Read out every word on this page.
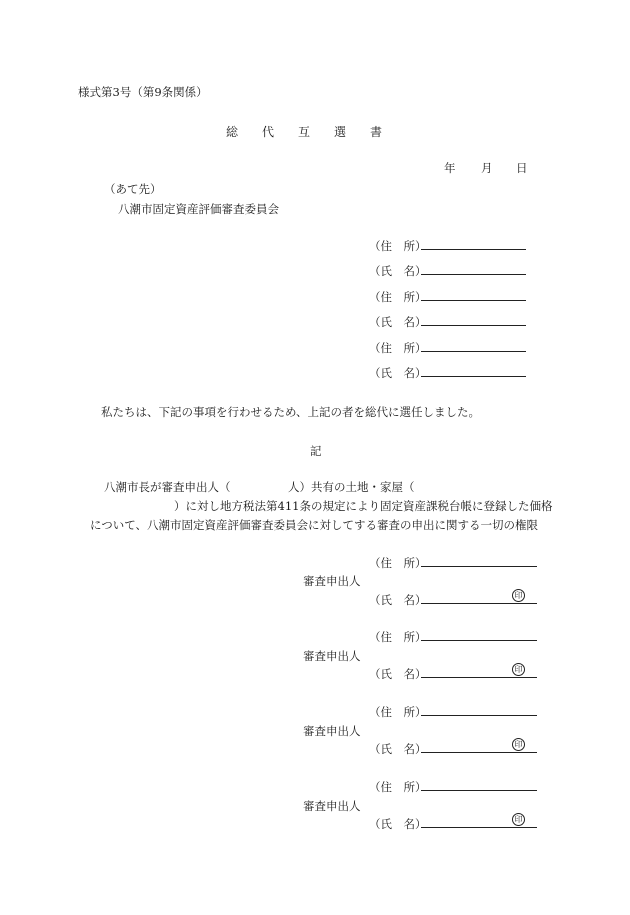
様式第3号（第9条関係）
総　　代　　互　　選　　書
年 月 日
（あて先）
八潮市固定資産評価審査委員会
（住　所）
（氏　名）
（住　所）
（氏　名）
（住　所）
（氏　名）
私たちは、下記の事項を行わせるため、上記の者を総代に選任しました。
記
八潮市長が審査申出人（　　　　　人）共有の土地・家屋（
）に対し地方税法第411条の規定により固定資産課税台帳に登録した価格
について、八潮市固定資産評価審査委員会に対してする審査の申出に関する一切の権限
（住　所）
審査申出人
（氏　名）	印
（住　所）
審査申出人
（氏　名）	印
（住　所）
審査申出人
（氏　名）	印
（住　所）
審査申出人
（氏　名）	印
